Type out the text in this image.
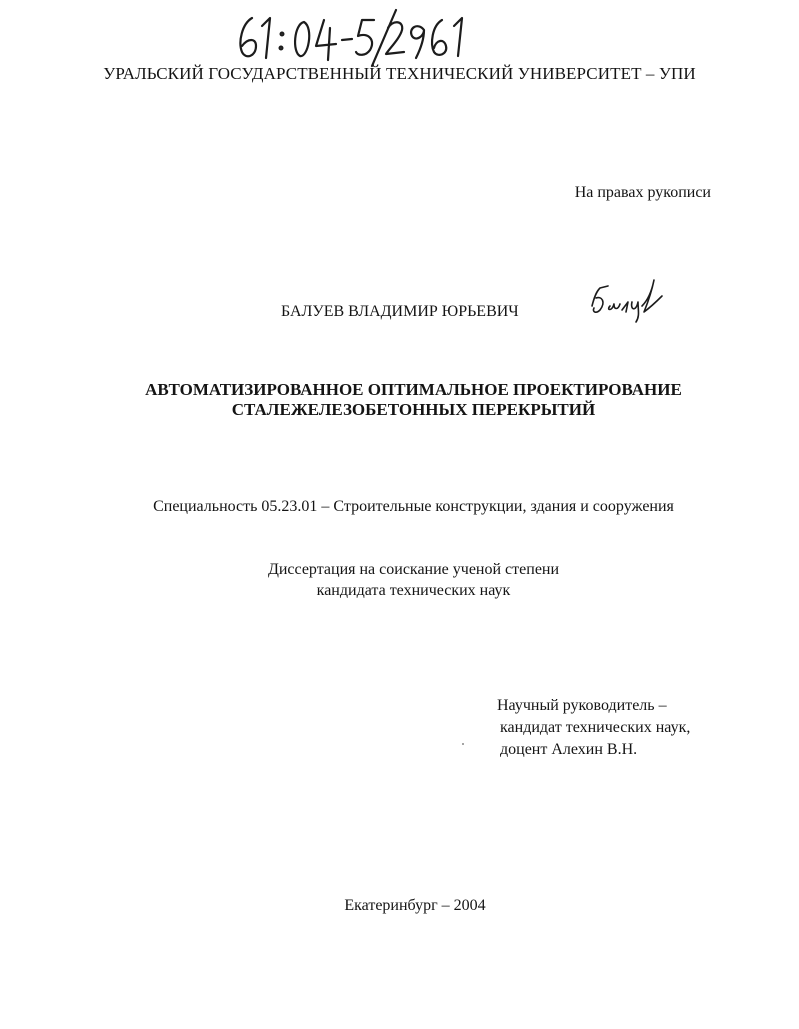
УРАЛЬСКИЙ ГОСУДАРСТВЕННЫЙ ТЕХНИЧЕСКИЙ УНИВЕРСИТЕТ – УПИ
На правах рукописи
БАЛУЕВ ВЛАДИМИР ЮРЬЕВИЧ
АВТОМАТИЗИРОВАННОЕ ОПТИМАЛЬНОЕ ПРОЕКТИРОВАНИЕ
СТАЛЕЖЕЛЕЗОБЕТОННЫХ ПЕРЕКРЫТИЙ
Специальность 05.23.01 – Строительные конструкции, здания и сооружения
Диссертация на соискание ученой степени
кандидата технических наук
Научный руководитель –
кандидат технических наук,
доцент Алехин В.Н.
Екатеринбург – 2004
